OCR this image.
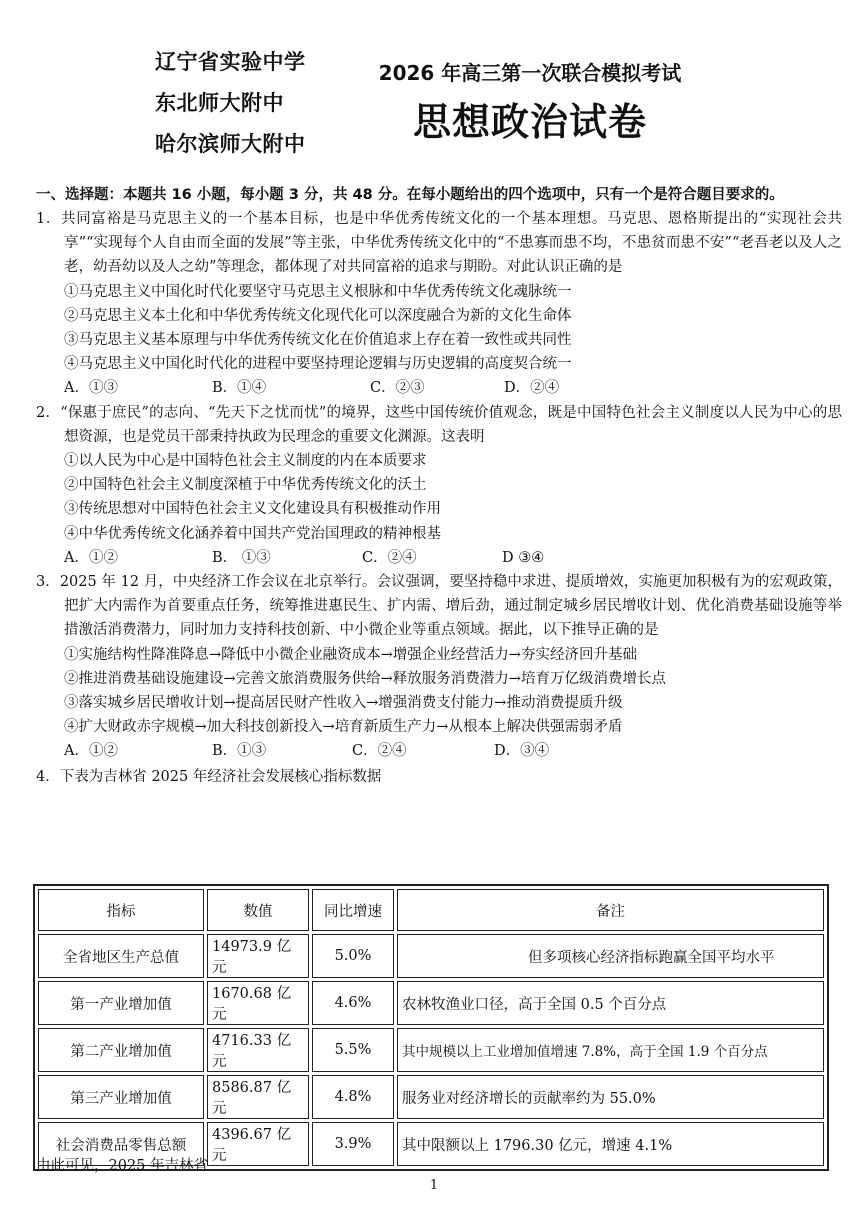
辽宁省实验中学
东北师大附中
哈尔滨师大附中
2026 年高三第一次联合模拟考试
思想政治试卷
一、选择题：本题共 16 小题，每小题 3 分，共 48 分。在每小题给出的四个选项中，只有一个是符合题目要求的。
1．共同富裕是马克思主义的一个基本目标，也是中华优秀传统文化的一个基本理想。马克思、恩格斯提出的“实现社会共享”“实现每个人自由而全面的发展”等主张，中华优秀传统文化中的“不患寡而患不均，不患贫而患不安”“老吾老以及人之老，幼吾幼以及人之幼”等理念，都体现了对共同富裕的追求与期盼。对此认识正确的是
①马克思主义中国化时代化要坚守马克思主义根脉和中华优秀传统文化魂脉统一
②马克思主义本土化和中华优秀传统文化现代化可以深度融合为新的文化生命体
③马克思主义基本原理与中华优秀传统文化在价值追求上存在着一致性或共同性
④马克思主义中国化时代化的进程中要坚持理论逻辑与历史逻辑的高度契合统一
A．①③	B．①④	C．②③	D．②④
2．“保惠于庶民”的志向、“先天下之忧而忧”的境界，这些中国传统价值观念，既是中国特色社会主义制度以人民为中心的思想资源，也是党员干部秉持执政为民理念的重要文化渊源。这表明
①以人民为中心是中国特色社会主义制度的内在本质要求
②中国特色社会主义制度深植于中华优秀传统文化的沃土
③传统思想对中国特色社会主义文化建设具有积极推动作用
④中华优秀传统文化涵养着中国共产党治国理政的精神根基
A．①②	B． ①③	C．②④	D ③④
3．2025 年 12 月，中央经济工作会议在北京举行。会议强调，要坚持稳中求进、提质增效，实施更加积极有为的宏观政策，把扩大内需作为首要重点任务，统筹推进惠民生、扩内需、增后劲，通过制定城乡居民增收计划、优化消费基础设施等举措激活消费潜力，同时加力支持科技创新、中小微企业等重点领域。据此，以下推导正确的是
①实施结构性降准降息→降低中小微企业融资成本→增强企业经营活力→夯实经济回升基础
②推进消费基础设施建设→完善文旅消费服务供给→释放服务消费潜力→培育万亿级消费增长点
③落实城乡居民增收计划→提高居民财产性收入→增强消费支付能力→推动消费提质升级
④扩大财政赤字规模→加大科技创新投入→培育新质生产力→从根本上解决供强需弱矛盾
A．①②	B．①③	C．②④	D．③④
4．下表为吉林省 2025 年经济社会发展核心指标数据
指标	数值	同比增速	备注
全省地区生产总值	14973.9 亿元	5.0%	但多项核心经济指标跑赢全国平均水平
第一产业增加值	1670.68 亿元	4.6%	农林牧渔业口径，高于全国 0.5 个百分点
第二产业增加值	4716.33 亿元	5.5%	其中规模以上工业增加值增速 7.8%，高于全国 1.9 个百分点
第三产业增加值	8586.87 亿元	4.8%	服务业对经济增长的贡献率约为 55.0%
社会消费品零售总额	4396.67 亿元	3.9%	其中限额以上 1796.30 亿元，增速 4.1%
由此可见，2025 年吉林省
1
